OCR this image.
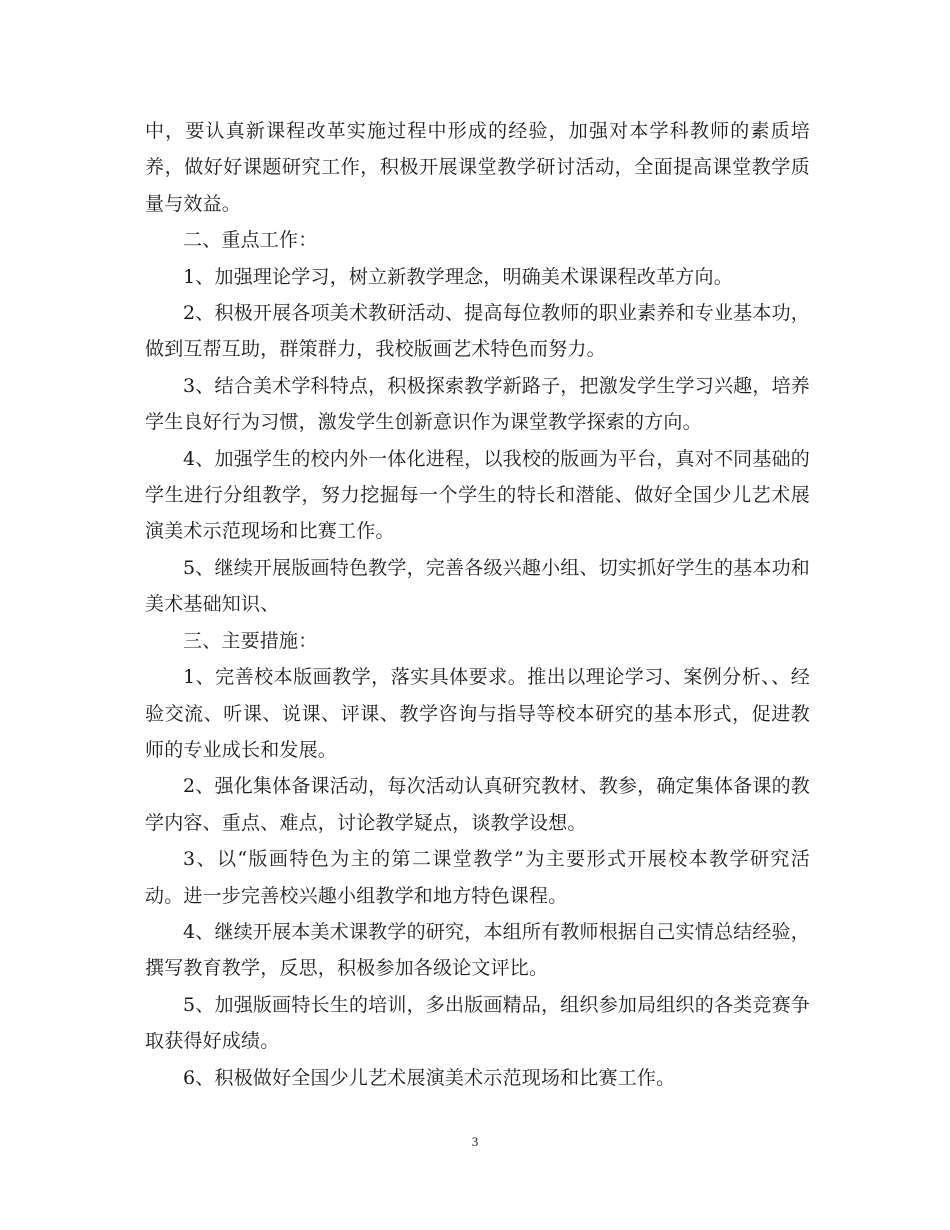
中，要认真新课程改革实施过程中形成的经验，加强对本学科教师的素质培养，做好好课题研究工作，积极开展课堂教学研讨活动，全面提高课堂教学质量与效益。

二、重点工作：

1、加强理论学习，树立新教学理念，明确美术课课程改革方向。

2、积极开展各项美术教研活动、提高每位教师的职业素养和专业基本功，做到互帮互助，群策群力，我校版画艺术特色而努力。

3、结合美术学科特点，积极探索教学新路子，把激发学生学习兴趣，培养学生良好行为习惯，激发学生创新意识作为课堂教学探索的方向。

4、加强学生的校内外一体化进程，以我校的版画为平台，真对不同基础的学生进行分组教学，努力挖掘每一个学生的特长和潜能、做好全国少儿艺术展演美术示范现场和比赛工作。

5、继续开展版画特色教学，完善各级兴趣小组、切实抓好学生的基本功和美术基础知识、

三、主要措施：

1、完善校本版画教学，落实具体要求。推出以理论学习、案例分析、、经验交流、听课、说课、评课、教学咨询与指导等校本研究的基本形式，促进教师的专业成长和发展。

2、强化集体备课活动，每次活动认真研究教材、教参，确定集体备课的教学内容、重点、难点，讨论教学疑点，谈教学设想。

3、以“版画特色为主的第二课堂教学”为主要形式开展校本教学研究活动。进一步完善校兴趣小组教学和地方特色课程。

4、继续开展本美术课教学的研究，本组所有教师根据自己实情总结经验，撰写教育教学，反思，积极参加各级论文评比。

5、加强版画特长生的培训，多出版画精品，组织参加局组织的各类竞赛争取获得好成绩。

6、积极做好全国少儿艺术展演美术示范现场和比赛工作。

3
